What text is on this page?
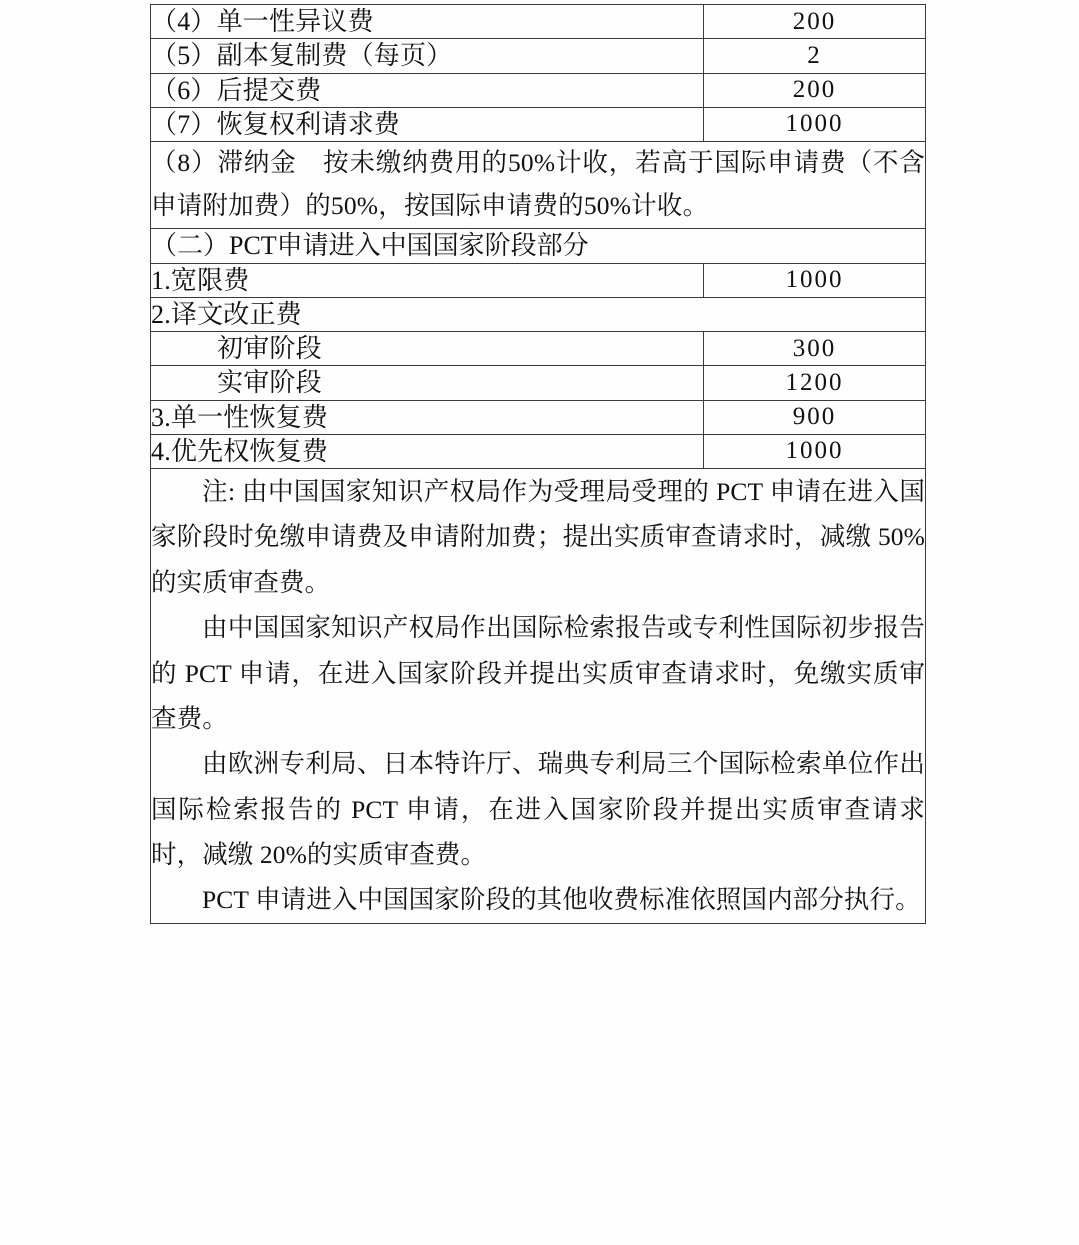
（4）单一性异议费	200
（5）副本复制费（每页）	2
（6）后提交费	200
（7）恢复权利请求费	1000
（8）滞纳金　按未缴纳费用的50%计收，若高于国际申请费（不含申请附加费）的50%，按国际申请费的50%计收。	
（二）PCT申请进入中国国家阶段部分	
1.宽限费	1000
2.译文改正费	
初审阶段	300
实审阶段	1200
3.单一性恢复费	900
4.优先权恢复费	1000

注: 由中国国家知识产权局作为受理局受理的 PCT 申请在进入国家阶段时免缴申请费及申请附加费；提出实质审查请求时，减缴 50%的实质审查费。

由中国国家知识产权局作出国际检索报告或专利性国际初步报告的 PCT 申请，在进入国家阶段并提出实质审查请求时，免缴实质审查费。

由欧洲专利局、日本特许厅、瑞典专利局三个国际检索单位作出国际检索报告的 PCT 申请，在进入国家阶段并提出实质审查请求时，减缴 20%的实质审查费。

PCT 申请进入中国国家阶段的其他收费标准依照国内部分执行。	
